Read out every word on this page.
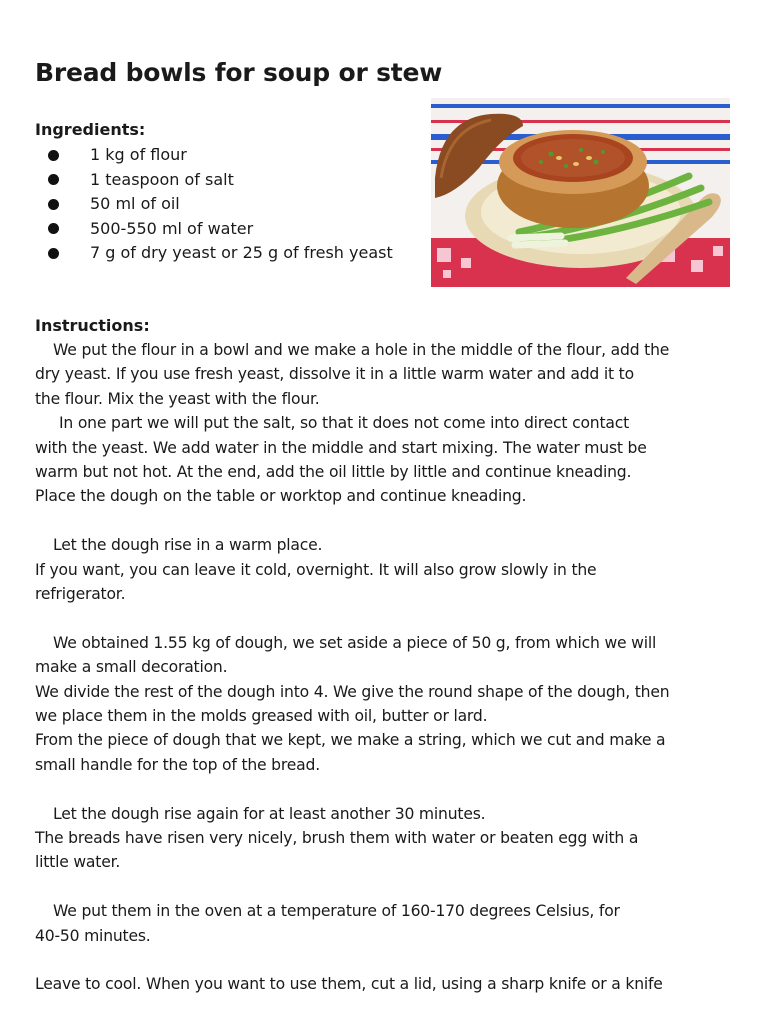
Bread bowls for soup or stew
Ingredients:
1 kg of flour
1 teaspoon of salt
50 ml of oil
500-550 ml of water
7 g of dry yeast or 25 g of fresh yeast
Instructions:

We put the flour in a bowl and we make a hole in the middle of the flour, add the

dry yeast. If you use fresh yeast, dissolve it in a little warm water and add it to

the flour. Mix the yeast with the flour.

In one part we will put the salt, so that it does not come into direct contact

with the yeast. We add water in the middle and start mixing. The water must be

warm but not hot. At the end, add the oil little by little and continue kneading.

Place the dough on the table or worktop and continue kneading.

Let the dough rise in a warm place.

If you want, you can leave it cold, overnight. It will also grow slowly in the

refrigerator.

We obtained 1.55 kg of dough, we set aside a piece of 50 g, from which we will

make a small decoration.

We divide the rest of the dough into 4. We give the round shape of the dough, then

we place them in the molds greased with oil, butter or lard.

From the piece of dough that we kept, we make a string, which we cut and make a

small handle for the top of the bread.

Let the dough rise again for at least another 30 minutes.

The breads have risen very nicely, brush them with water or beaten egg with a

little water.

We put them in the oven at a temperature of 160-170 degrees Celsius, for

40-50 minutes.

Leave to cool. When you want to use them, cut a lid, using a sharp knife or a knife
